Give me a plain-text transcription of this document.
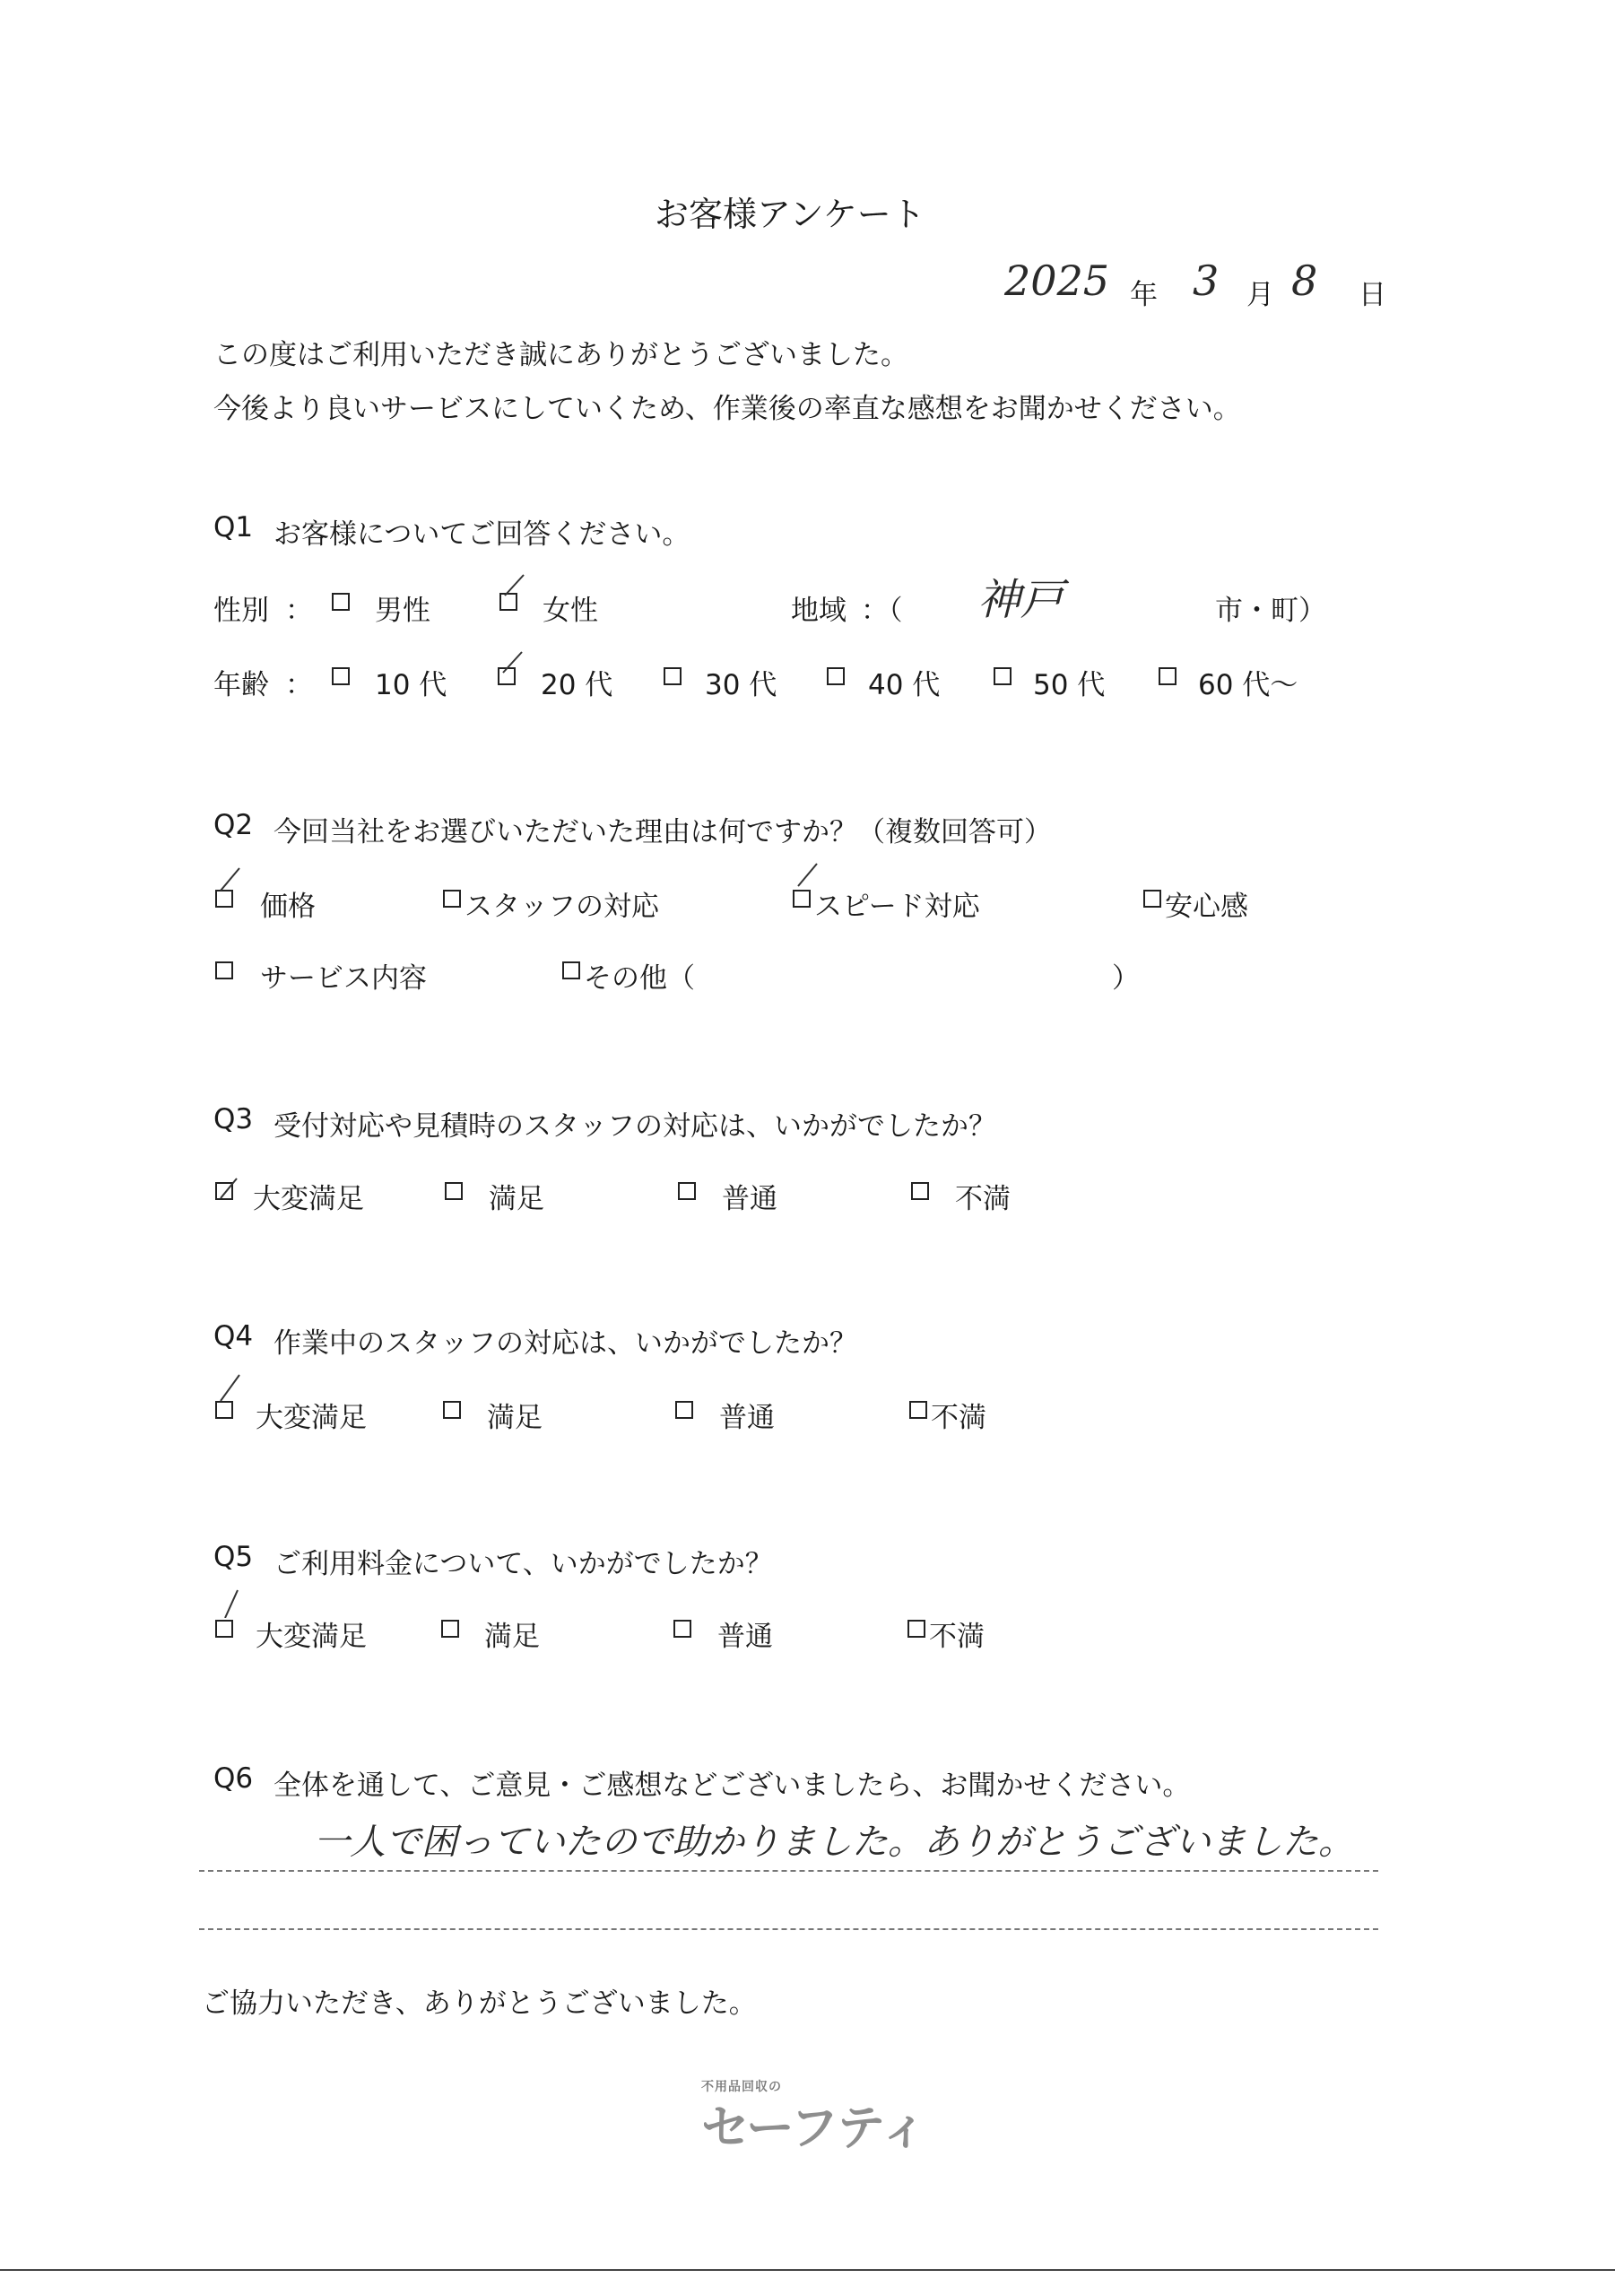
お客様アンケート
2025 年 3 月 8 日
この度はご利用いただき誠にありがとうございました。
今後より良いサービスにしていくため、作業後の率直な感想をお聞かせください。
Q1 お客様についてご回答ください。
性別 ： 男性	女性	地域 ：（ 神戸	市・町）
年齢 ： 10 代	20 代	30 代	40 代	50 代	60 代～
Q2 今回当社をお選びいただいた理由は何ですか？（複数回答可）
価格	スタッフの対応	スピード対応	安心感
サービス内容	その他（	）
Q3 受付対応や見積時のスタッフの対応は、いかがでしたか？
大変満足	満足	普通	不満
Q4 作業中のスタッフの対応は、いかがでしたか？
大変満足	満足	普通	不満
Q5 ご利用料金について、いかがでしたか？
大変満足	満足	普通	不満
Q6 全体を通して、ご意見・ご感想などございましたら、お聞かせください。
一人で困っていたので助かりました。ありがとうございました。
ご協力いただき、ありがとうございました。
不用品回収の
セーフティ
